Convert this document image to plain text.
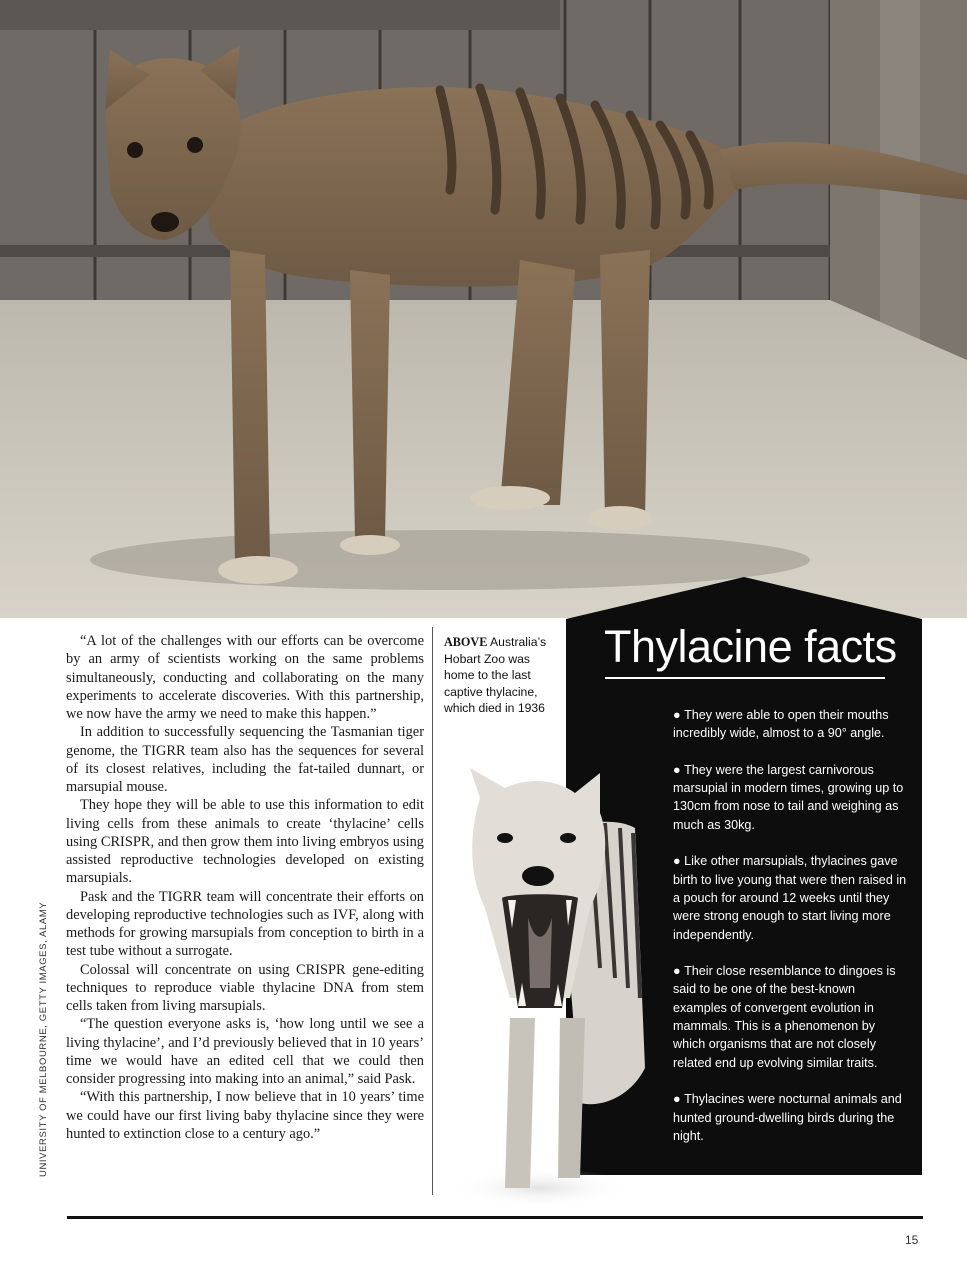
“A lot of the challenges with our efforts can be overcome by an army of scientists working on the same problems simultaneously, conducting and collaborating on the many experiments to accelerate discoveries. With this partnership, we now have the army we need to make this happen.”

In addition to successfully sequencing the Tasmanian tiger genome, the TIGRR team also has the sequences for several of its closest relatives, including the fat-tailed dunnart, or marsupial mouse.

They hope they will be able to use this information to edit living cells from these animals to create ‘thylacine’ cells using CRISPR, and then grow them into living embryos using assisted reproductive technologies developed on existing marsupials.

Pask and the TIGRR team will concentrate their efforts on developing reproductive technologies such as IVF, along with methods for growing marsupials from conception to birth in a test tube without a surrogate.

Colossal will concentrate on using CRISPR gene-editing techniques to reproduce viable thylacine DNA from stem cells taken from living marsupials.

“The question everyone asks is, ‘how long until we see a living thylacine’, and I’d previously believed that in 10 years’ time we would have an edited cell that we could then consider progressing into making into an animal,” said Pask.

“With this partnership, I now believe that in 10 years’ time we could have our first living baby thylacine since they were hunted to extinction close to a century ago.”

UNIVERSITY OF MELBOURNE, GETTY IMAGES, ALAMY
ABOVE Australia’s Hobart Zoo was home to the last captive thylacine, which died in 1936
Thylacine facts
● They were able to open their mouths incredibly wide, almost to a 90° angle.
● They were the largest carnivorous marsupial in modern times, growing up to 130cm from nose to tail and weighing as much as 30kg.
● Like other marsupials, thylacines gave birth to live young that were then raised in a pouch for around 12 weeks until they were strong enough to start living more independently.
● Their close resemblance to dingoes is said to be one of the best-known examples of convergent evolution in mammals. This is a phenomenon by which organisms that are not closely related end up evolving similar traits.
● Thylacines were nocturnal animals and hunted ground-dwelling birds during the night.
15
